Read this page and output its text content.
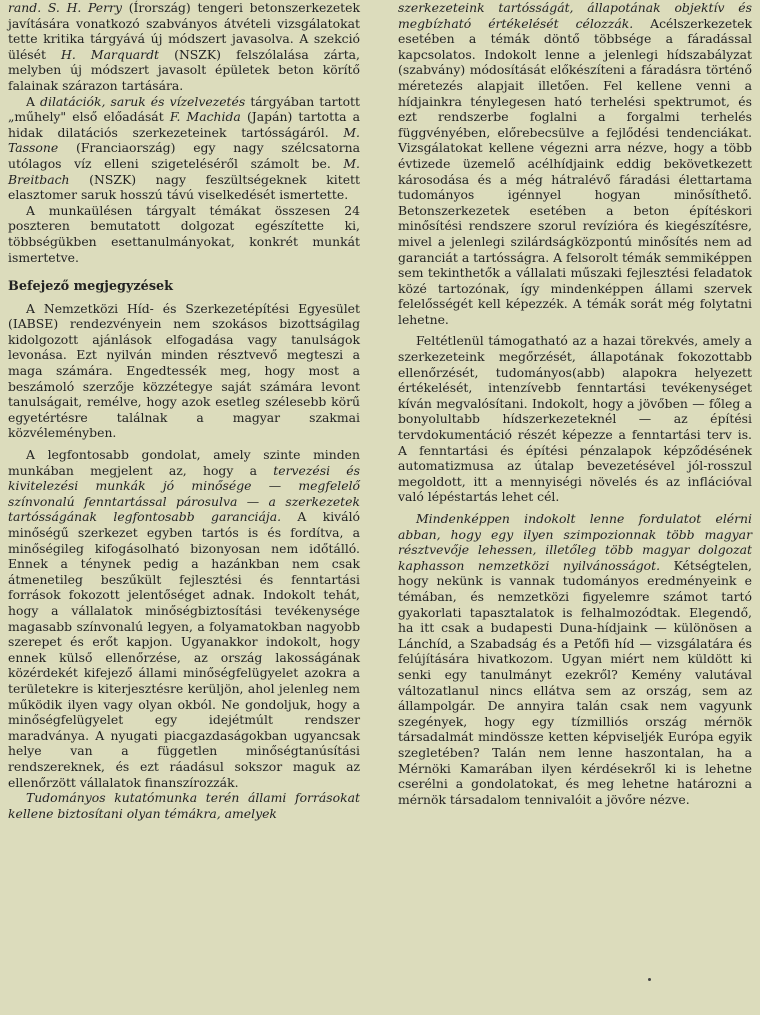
rand. S. H. Perry (Írország) tengeri betonszerkezetek javítására vonatkozó szabványos átvételi vizsgálatokat tette kritika tárgyává új módszert javasolva. A szekció ülését H. Marquardt (NSZK) felszólalása zárta, melyben új módszert javasolt épületek beton körítő falainak szárazon tartására.

A dilatációk, saruk és vízelvezetés tárgyában tartott „műhely" első előadását F. Machida (Japán) tartotta a hidak dilatációs szerkezeteinek tartósságáról. M. Tassone (Franciaország) egy nagy szélcsatorna utólagos víz elleni szigeteléséről számolt be. M. Breitbach (NSZK) nagy feszültségeknek kitett elasztomer saruk hosszú távú viselkedését ismertette.

A munkaülésen tárgyalt témákat összesen 24 poszteren bemutatott dolgozat egészítette ki, többségükben esettanulmányokat, konkrét munkát ismertetve.

Befejező megjegyzések

A Nemzetközi Híd- és Szerkezetépítési Egyesület (IABSE) rendezvényein nem szokásos bizottságilag kidolgozott ajánlások elfogadása vagy tanulságok levonása. Ezt nyilván minden résztvevő megteszi a maga számára. Engedtessék meg, hogy most a beszámoló szerzője közzétegye saját számára levont tanulságait, remélve, hogy azok esetleg szélesebb körű egyetértésre találnak a magyar szakmai közvéleményben.

A legfontosabb gondolat, amely szinte minden munkában megjelent az, hogy a tervezési és kivitelezési munkák jó minősége — megfelelő színvonalú fenntartással párosulva — a szerkezetek tartósságának legfontosabb garanciája. A kiváló minőségű szerkezet egyben tartós is és fordítva, a minőségileg kifogásolható bizonyosan nem időtálló. Ennek a ténynek pedig a hazánkban nem csak átmenetileg beszűkült fejlesztési és fenntartási források fokozott jelentőséget adnak. Indokolt tehát, hogy a vállalatok minőségbiztosítási tevékenysége magasabb színvonalú legyen, a folyamatokban nagyobb szerepet és erőt kapjon. Ugyanakkor indokolt, hogy ennek külső ellenőrzése, az ország lakosságának közérdekét kifejező állami minőségfelügyelet azokra a területekre is kiterjesztésre kerüljön, ahol jelenleg nem működik ilyen vagy olyan okból. Ne gondoljuk, hogy a minőségfelügyelet egy idejétmúlt rendszer maradványa. A nyugati piacgazdaságokban ugyancsak helye van a független minőségtanúsítási rendszereknek, és ezt ráadásul sokszor maguk az ellenőrzött vállalatok finanszírozzák.

Tudományos kutatómunka terén állami forrásokat kellene biztosítani olyan témákra, amelyek

szerkezeteink tartósságát, állapotának objektív és megbízható értékelését célozzák. Acélszerkezetek esetében a témák döntő többsége a fáradással kapcsolatos. Indokolt lenne a jelenlegi hídszabályzat (szabvány) módosítását előkészíteni a fáradásra történő méretezés alapjait illetően. Fel kellene venni a hídjainkra ténylegesen ható terhelési spektrumot, és ezt rendszerbe foglalni a forgalmi terhelés függvényében, előrebecsülve a fejlődési tendenciákat. Vizsgálatokat kellene végezni arra nézve, hogy a több évtizede üzemelő acélhídjaink eddig bekövetkezett károsodása és a még hátralévő fáradási élettartama tudományos igénnyel hogyan minősíthető. Betonszerkezetek esetében a beton építéskori minősítési rendszere szorul revízióra és kiegészítésre, mivel a jelenlegi szilárdságközpontú minősítés nem ad garanciát a tartósságra. A felsorolt témák semmiképpen sem tekinthetők a vállalati műszaki fejlesztési feladatok közé tartozónak, így mindenképpen állami szervek felelősségét kell képezzék. A témák sorát még folytatni lehetne.

Feltétlenül támogatható az a hazai törekvés, amely a szerkezeteink megőrzését, állapotának fokozottabb ellenőrzését, tudományos(abb) alapokra helyezett értékelését, intenzívebb fenntartási tevékenységet kíván megvalósítani. Indokolt, hogy a jövőben — főleg a bonyolultabb hídszerkezeteknél — az építési tervdokumentáció részét képezze a fenntartási terv is. A fenntartási és építési pénzalapok képződésének automatizmusa az útalap bevezetésével jól-rosszul megoldott, itt a mennyiségi növelés és az inflációval való lépéstartás lehet cél.

Mindenképpen indokolt lenne fordulatot elérni abban, hogy egy ilyen szimpozionnak több magyar résztvevője lehessen, illetőleg több magyar dolgozat kaphasson nemzetközi nyilvánosságot. Kétségtelen, hogy nekünk is vannak tudományos eredményeink e témában, és nemzetközi figyelemre számot tartó gyakorlati tapasztalatok is felhalmozódtak. Elegendő, ha itt csak a budapesti Duna-hídjaink — különösen a Lánchíd, a Szabadság és a Petőfi híd — vizsgálatára és felújítására hivatkozom. Ugyan miért nem küldött ki senki egy tanulmányt ezekről? Kemény valutával változatlanul nincs ellátva sem az ország, sem az állampolgár. De annyira talán csak nem vagyunk szegények, hogy egy tízmilliós ország mérnök társadalmát mindössze ketten képviseljék Európa egyik szegletében? Talán nem lenne haszontalan, ha a Mérnöki Kamarában ilyen kérdésekről ki is lehetne cserélni a gondolatokat, és meg lehetne határozni a mérnök társadalom tennivalóit a jövőre nézve.
